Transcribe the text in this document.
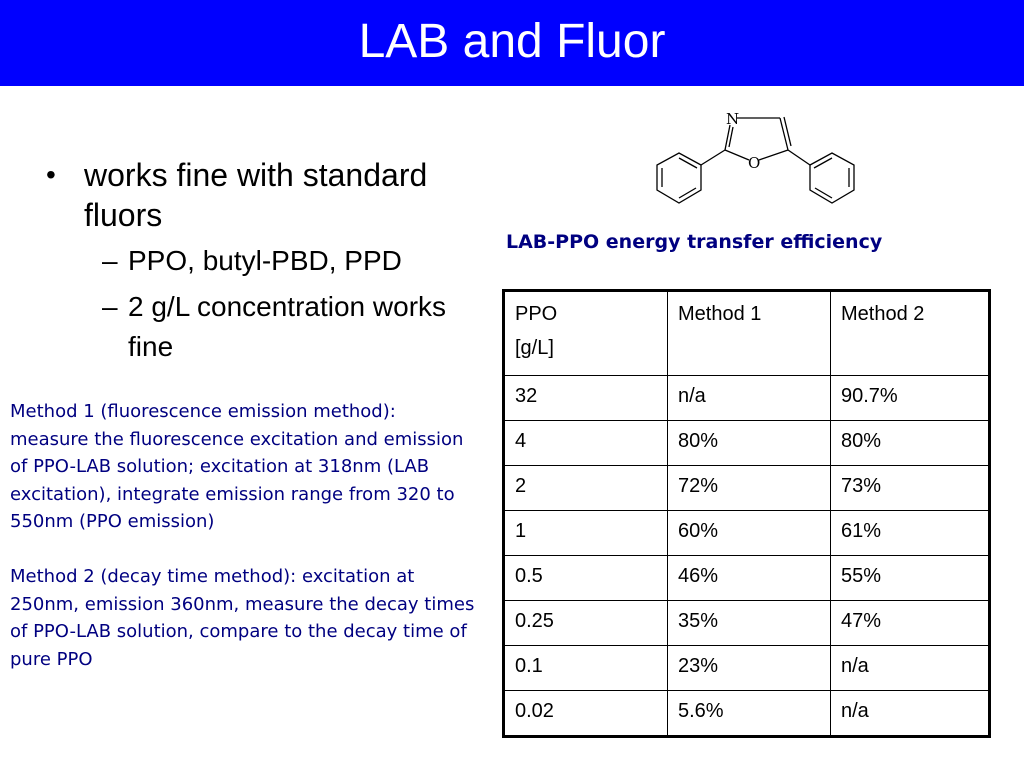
LAB and Fluor
• works fine with standard fluors
– PPO, butyl-PBD, PPD
– 2 g/L concentration works fine

Method 1 (fluorescence emission method): measure the fluorescence excitation and emission of PPO-LAB solution; excitation at 318nm (LAB excitation), integrate emission range from 320 to 550nm (PPO emission)

Method 2 (decay time method): excitation at 250nm, emission 360nm, measure the decay times of PPO-LAB solution, compare to the decay time of pure PPO

N
O
LAB-PPO energy transfer efficiency
PPO
[g/L]	Method 1	Method 2
32	n/a	90.7%
4	80%	80%
2	72%	73%
1	60%	61%
0.5	46%	55%
0.25	35%	47%
0.1	23%	n/a
0.02	5.6%	n/a
